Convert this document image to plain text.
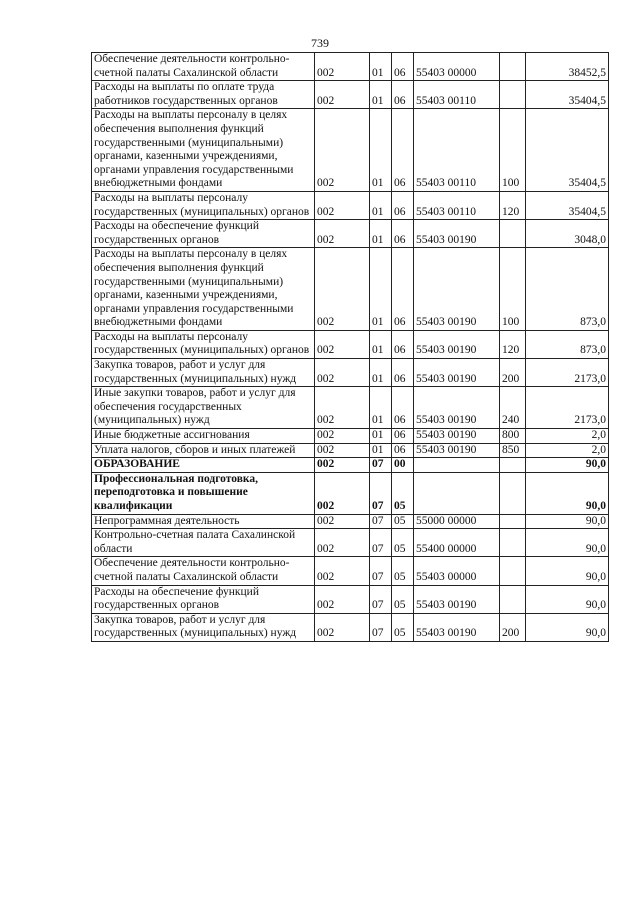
739
Обеспечение деятельности контрольно-счетной палаты Сахалинской области	002	01	06	55403 00000		38452,5
Расходы на выплаты по оплате труда работников государственных органов	002	01	06	55403 00110		35404,5
Расходы на выплаты персоналу в целях обеспечения выполнения функций государственными (муниципальными) органами, казенными учреждениями, органами управления государственными внебюджетными фондами	002	01	06	55403 00110	100	35404,5
Расходы на выплаты персоналу государственных (муниципальных) органов	002	01	06	55403 00110	120	35404,5
Расходы на обеспечение функций государственных органов	002	01	06	55403 00190		3048,0
Расходы на выплаты персоналу в целях обеспечения выполнения функций государственными (муниципальными) органами, казенными учреждениями, органами управления государственными внебюджетными фондами	002	01	06	55403 00190	100	873,0
Расходы на выплаты персоналу государственных (муниципальных) органов	002	01	06	55403 00190	120	873,0
Закупка товаров, работ и услуг для государственных (муниципальных) нужд	002	01	06	55403 00190	200	2173,0
Иные закупки товаров, работ и услуг для обеспечения государственных (муниципальных) нужд	002	01	06	55403 00190	240	2173,0
Иные бюджетные ассигнования	002	01	06	55403 00190	800	2,0
Уплата налогов, сборов и иных платежей	002	01	06	55403 00190	850	2,0
ОБРАЗОВАНИЕ	002	07	00			90,0
Профессиональная подготовка, переподготовка и повышение квалификации	002	07	05			90,0
Непрограммная деятельность	002	07	05	55000 00000		90,0
Контрольно-счетная палата Сахалинской области	002	07	05	55400 00000		90,0
Обеспечение деятельности контрольно-счетной палаты Сахалинской области	002	07	05	55403 00000		90,0
Расходы на обеспечение функций государственных органов	002	07	05	55403 00190		90,0
Закупка товаров, работ и услуг для государственных (муниципальных) нужд	002	07	05	55403 00190	200	90,0
